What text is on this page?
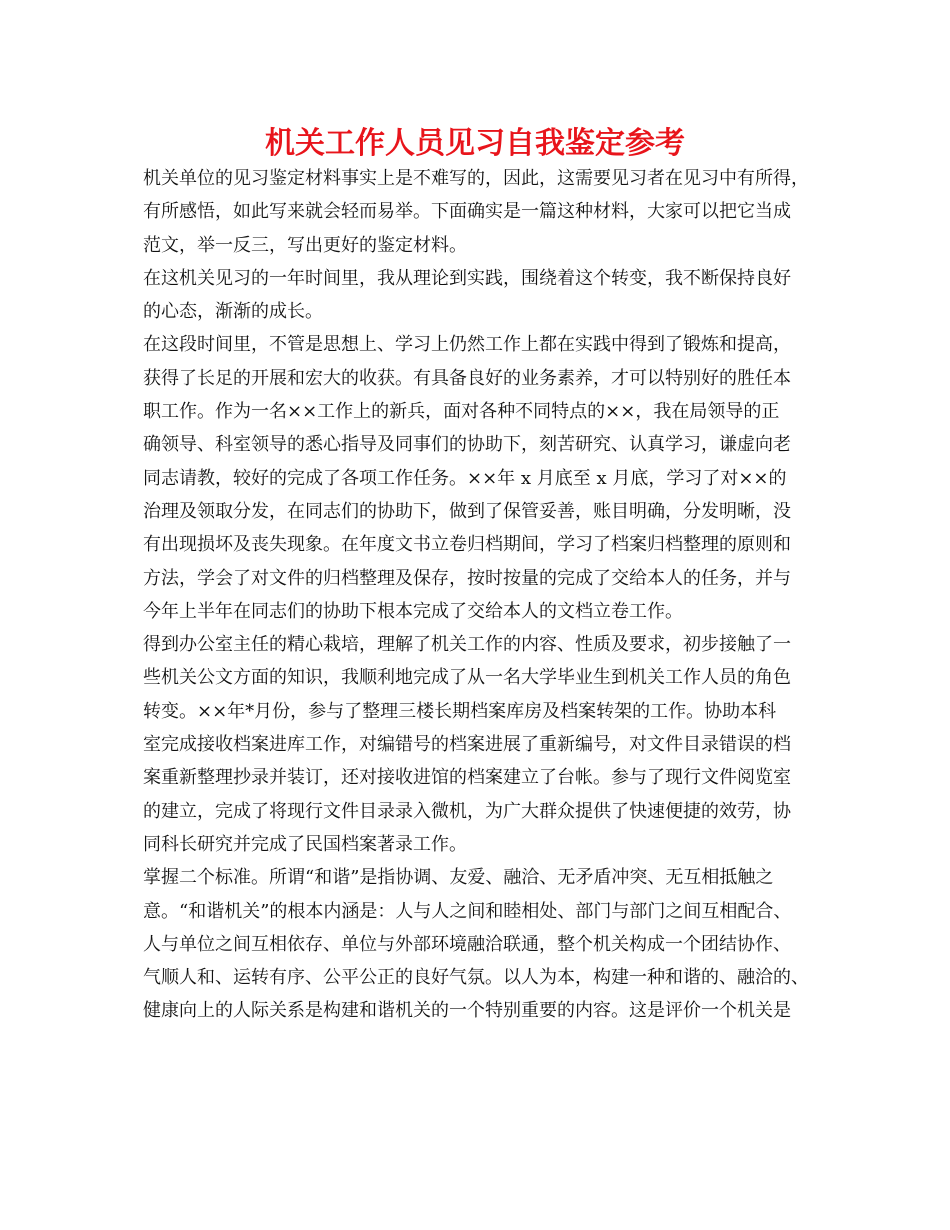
机关工作人员见习自我鉴定参考
机关单位的见习鉴定材料事实上是不难写的，因此，这需要见习者在见习中有所得，
有所感悟，如此写来就会轻而易举。下面确实是一篇这种材料，大家可以把它当成
范文，举一反三，写出更好的鉴定材料。
在这机关见习的一年时间里，我从理论到实践，围绕着这个转变，我不断保持良好
的心态，渐渐的成长。
在这段时间里，不管是思想上、学习上仍然工作上都在实践中得到了锻炼和提高，
获得了长足的开展和宏大的收获。有具备良好的业务素养，才可以特别好的胜任本
职工作。作为一名××工作上的新兵，面对各种不同特点的××，我在局领导的正
确领导、科室领导的悉心指导及同事们的协助下，刻苦研究、认真学习，谦虚向老
同志请教，较好的完成了各项工作任务。××年 x 月底至 x 月底，学习了对××的
治理及领取分发，在同志们的协助下，做到了保管妥善，账目明确，分发明晰，没
有出现损坏及丧失现象。在年度文书立卷归档期间，学习了档案归档整理的原则和
方法，学会了对文件的归档整理及保存，按时按量的完成了交给本人的任务，并与
今年上半年在同志们的协助下根本完成了交给本人的文档立卷工作。
得到办公室主任的精心栽培，理解了机关工作的内容、性质及要求，初步接触了一
些机关公文方面的知识，我顺利地完成了从一名大学毕业生到机关工作人员的角色
转变。××年*月份，参与了整理三楼长期档案库房及档案转架的工作。协助本科
室完成接收档案进库工作，对编错号的档案进展了重新编号，对文件目录错误的档
案重新整理抄录并装订，还对接收进馆的档案建立了台帐。参与了现行文件阅览室
的建立，完成了将现行文件目录录入微机，为广大群众提供了快速便捷的效劳，协
同科长研究并完成了民国档案著录工作。
掌握二个标准。所谓“和谐”是指协调、友爱、融洽、无矛盾冲突、无互相抵触之
意。“和谐机关”的根本内涵是：人与人之间和睦相处、部门与部门之间互相配合、
人与单位之间互相依存、单位与外部环境融洽联通，整个机关构成一个团结协作、
气顺人和、运转有序、公平公正的良好气氛。以人为本，构建一种和谐的、融洽的、
健康向上的人际关系是构建和谐机关的一个特别重要的内容。这是评价一个机关是
